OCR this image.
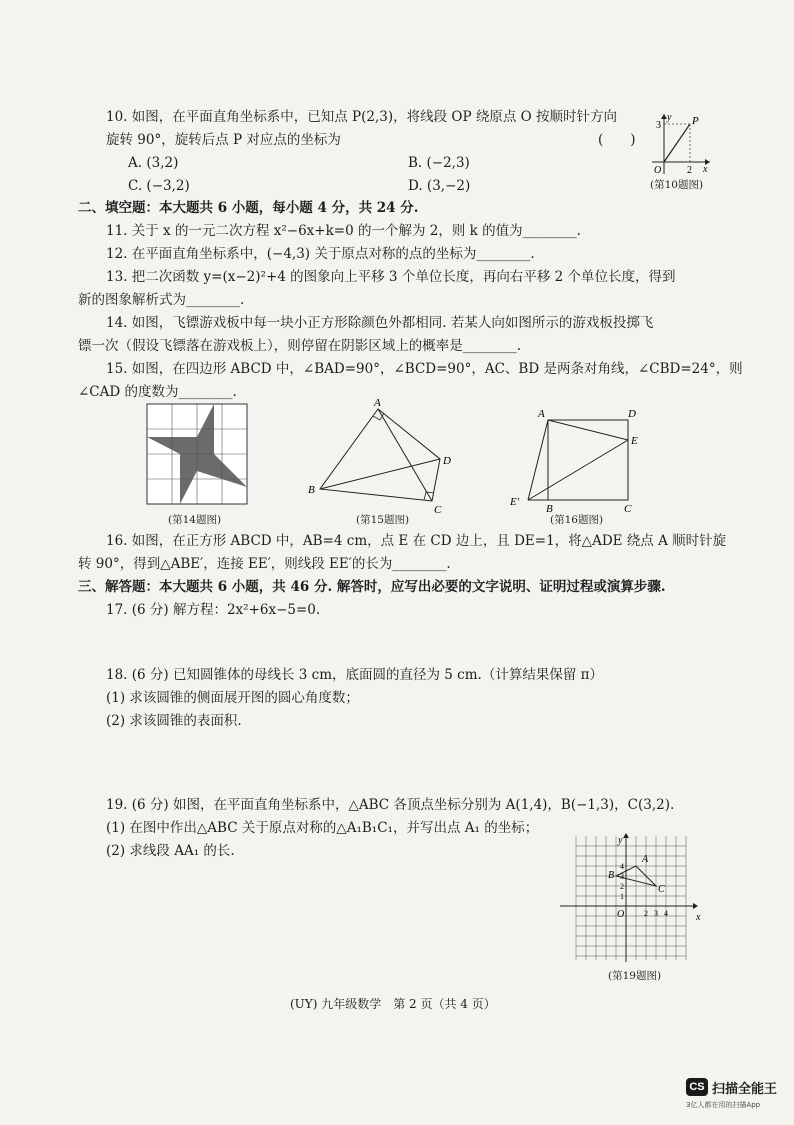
10. 如图，在平面直角坐标系中，已知点 P(2,3)，将线段 OP 绕原点 O 按顺时针方向
旋转 90°，旋转后点 P 对应点的坐标为	(　　)
A. (3,2)	B. (−2,3)
C. (−3,2)	D. (3,−2)
y
x
P
O
3
2
(第10题图)
二、填空题：本大题共 6 小题，每小题 4 分，共 24 分.
11. 关于 x 的一元二次方程 x²−6x+k=0 的一个解为 2，则 k 的值为________.
12. 在平面直角坐标系中，(−4,3) 关于原点对称的点的坐标为________.
13. 把二次函数 y=(x−2)²+4 的图象向上平移 3 个单位长度，再向右平移 2 个单位长度，得到
新的图象解析式为________.
14. 如图，飞镖游戏板中每一块小正方形除颜色外都相同. 若某人向如图所示的游戏板投掷飞
镖一次（假设飞镖落在游戏板上），则停留在阴影区域上的概率是________.
15. 如图，在四边形 ABCD 中，∠BAD=90°，∠BCD=90°，AC、BD 是两条对角线，∠CBD=24°，则
∠CAD 的度数为________.
(第14题图)
A
B
C
D
(第15题图)
A	D
E
B	C
E′
(第16题图)
16. 如图，在正方形 ABCD 中，AB=4 cm，点 E 在 CD 边上，且 DE=1，将△ADE 绕点 A 顺时针旋
转 90°，得到△ABE′，连接 EE′，则线段 EE′的长为________.
三、解答题：本大题共 6 小题，共 46 分. 解答时，应写出必要的文字说明、证明过程或演算步骤.
17. (6 分) 解方程：2x²+6x−5=0.
18. (6 分) 已知圆锥体的母线长 3 cm，底面圆的直径为 5 cm.（计算结果保留 π）
(1) 求该圆锥的侧面展开图的圆心角度数；
(2) 求该圆锥的表面积.
19. (6 分) 如图，在平面直角坐标系中，△ABC 各顶点坐标分别为 A(1,4)，B(−1,3)，C(3,2).
(1) 在图中作出△ABC 关于原点对称的△A₁B₁C₁，并写出点 A₁ 的坐标；
(2) 求线段 AA₁ 的长.
A
B
C
O	x
y
4
3
2
1
2 3 4
(第19题图)
(UY) 九年级数学　第 2 页（共 4 页）
CS 扫描全能王
3亿人都在用的扫描App
